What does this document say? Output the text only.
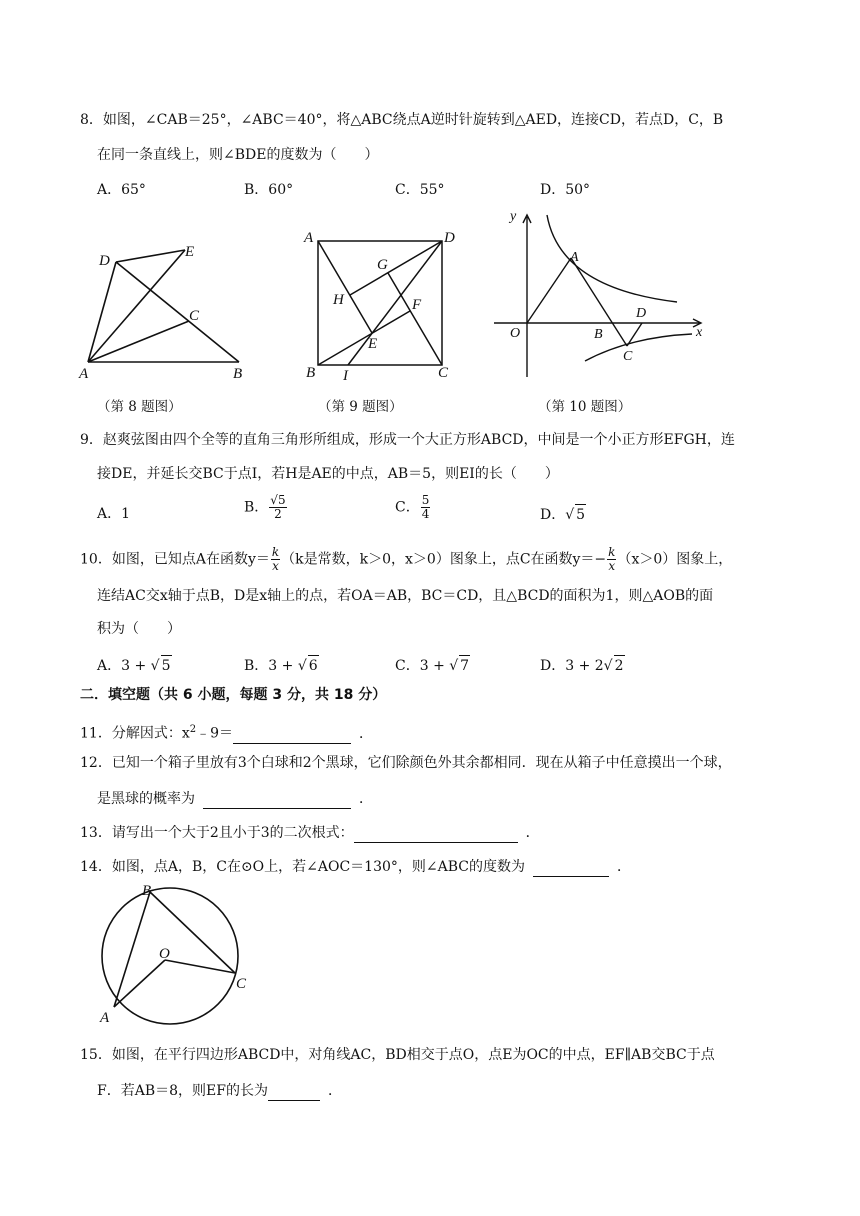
8．如图，∠CAB＝25°，∠ABC＝40°，将△ABC绕点A逆时针旋转到△AED，连接CD，若点D，C，B
在同一条直线上，则∠BDE的度数为（　　）
A．65°	B．60°	C．55°	D．50°
D
E
C
A	B
（第 8 题图）
A	D
G
H	F
E
B I	C
（第 9 题图）
y
A
D
O	B	x
C
（第 10 题图）
9．赵爽弦图由四个全等的直角三角形所组成，形成一个大正方形ABCD，中间是一个小正方形EFGH，连
接DE，并延长交BC于点I，若H是AE的中点，AB＝5，则EI的长（　　）
A．1	B． $\frac{√5}{2}$	C． $\frac{5}{4}$	D．√ 5
10．如图，已知点A在函数$y= \frac{k}{x} (k$是常数，k＞0，x＞0）图象上，点C在函数$y=- \frac{k}{x} (x>0)$图象上，
连结AC交x轴于点B，D是x轴上的点，若OA＝AB，BC＝CD，且△BCD的面积为1，则△AOB的面
积为（　　）
A．3 + √ 5	B．3 + √ 6	C．3 + √ 7	D．3 + 2√ 2
二．填空题（共 6 小题，每题 3 分，共 18 分）
11．分解因式：$x^2﹣9=$	．
12．已知一个箱子里放有3个白球和2个黑球，它们除颜色外其余都相同．现在从箱子中任意摸出一个球，
是黑球的概率为	．
13．请写出一个大于2且小于3的二次根式：	．
14．如图，点A，B，C在⊙O上，若∠AOC＝130°，则∠ABC的度数为	．
B
O
C
A
15．如图，在平行四边形ABCD中，对角线AC，BD相交于点O，点E为OC的中点，EF∥AB交BC于点
F．若AB＝8，则EF的长为	．
